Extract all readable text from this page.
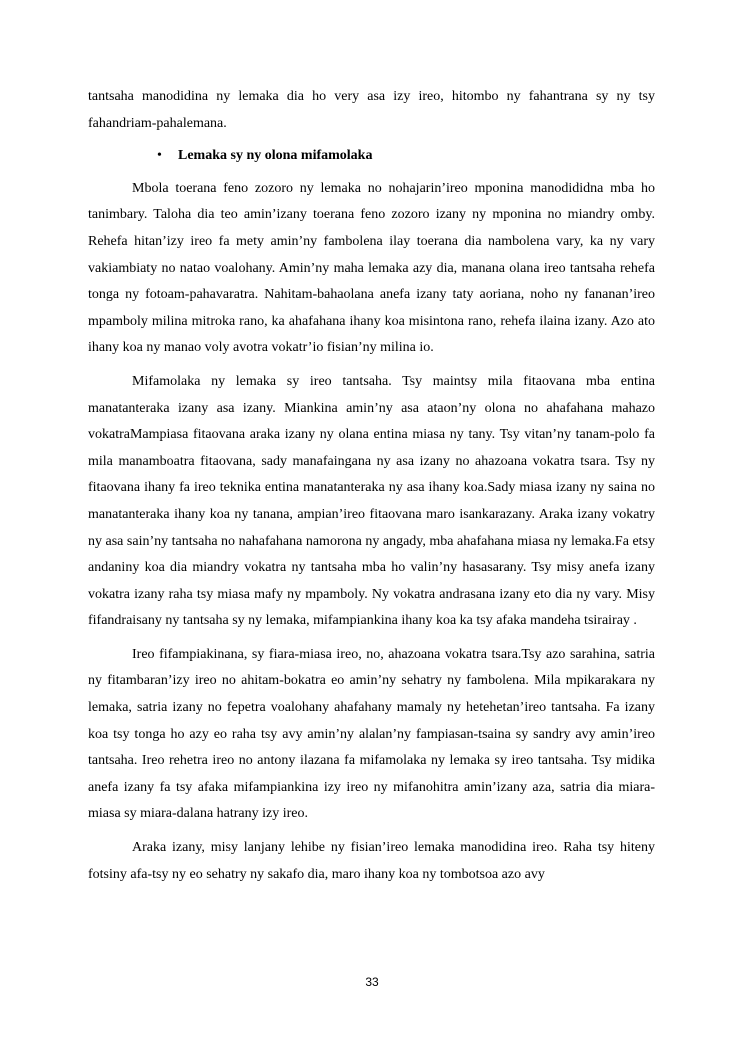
tantsaha manodidina ny lemaka dia ho very asa izy ireo, hitombo ny fahantrana sy ny tsy fahandriam-pahalemana.

•	Lemaka sy ny olona mifamolaka

Mbola toerana feno zozoro ny lemaka no nohajarin’ireo mponina manodididna mba ho tanimbary. Taloha dia teo amin’izany toerana feno zozoro izany ny mponina no miandry omby. Rehefa hitan’izy ireo fa mety amin’ny fambolena ilay toerana dia nambolena vary, ka ny vary vakiambiaty no natao voalohany. Amin’ny maha lemaka azy dia, manana olana ireo tantsaha rehefa tonga ny fotoam-pahavaratra. Nahitam-bahaolana anefa izany taty aoriana, noho ny fananan’ireo mpamboly milina mitroka rano, ka ahafahana ihany koa misintona rano, rehefa ilaina izany. Azo ato ihany koa ny manao voly avotra vokatr’io fisian’ny milina io.

Mifamolaka ny lemaka sy ireo tantsaha. Tsy maintsy mila fitaovana mba entina manatanteraka izany asa izany. Miankina amin’ny asa ataon’ny olona no ahafahana mahazo vokatraMampiasa fitaovana araka izany ny olana entina miasa ny tany. Tsy vitan’ny tanam-polo fa mila manamboatra fitaovana, sady manafaingana ny asa izany no ahazoana vokatra tsara. Tsy ny fitaovana ihany fa ireo teknika entina manatanteraka ny asa ihany koa.Sady miasa izany ny saina no manatanteraka ihany koa ny tanana, ampian’ireo fitaovana maro isankarazany. Araka izany vokatry ny asa sain’ny tantsaha no nahafahana namorona ny angady, mba ahafahana miasa ny lemaka.Fa etsy andaniny koa dia miandry vokatra ny tantsaha mba ho valin’ny hasasarany. Tsy misy anefa izany vokatra izany raha tsy miasa mafy ny mpamboly. Ny vokatra andrasana izany eto dia ny vary. Misy fifandraisany ny tantsaha sy ny lemaka, mifampiankina ihany koa ka tsy afaka mandeha tsirairay .

Ireo fifampiakinana, sy fiara-miasa ireo, no, ahazoana vokatra tsara.Tsy azo sarahina, satria ny fitambaran’izy ireo no ahitam-bokatra eo amin’ny sehatry ny fambolena. Mila mpikarakara ny lemaka, satria izany no fepetra voalohany ahafahany mamaly ny hetehetan’ireo tantsaha. Fa izany koa tsy tonga ho azy eo raha tsy avy amin’ny alalan’ny fampiasan-tsaina sy sandry avy amin’ireo tantsaha. Ireo rehetra ireo no antony ilazana fa mifamolaka ny lemaka sy ireo tantsaha. Tsy midika anefa izany fa tsy afaka mifampiankina izy ireo ny mifanohitra amin’izany aza, satria dia miara-miasa sy miara-dalana hatrany izy ireo.

Araka izany, misy lanjany lehibe ny fisian’ireo lemaka manodidina ireo. Raha tsy hiteny fotsiny afa-tsy ny eo sehatry ny sakafo dia, maro ihany koa ny tombotsoa azo avy

33
